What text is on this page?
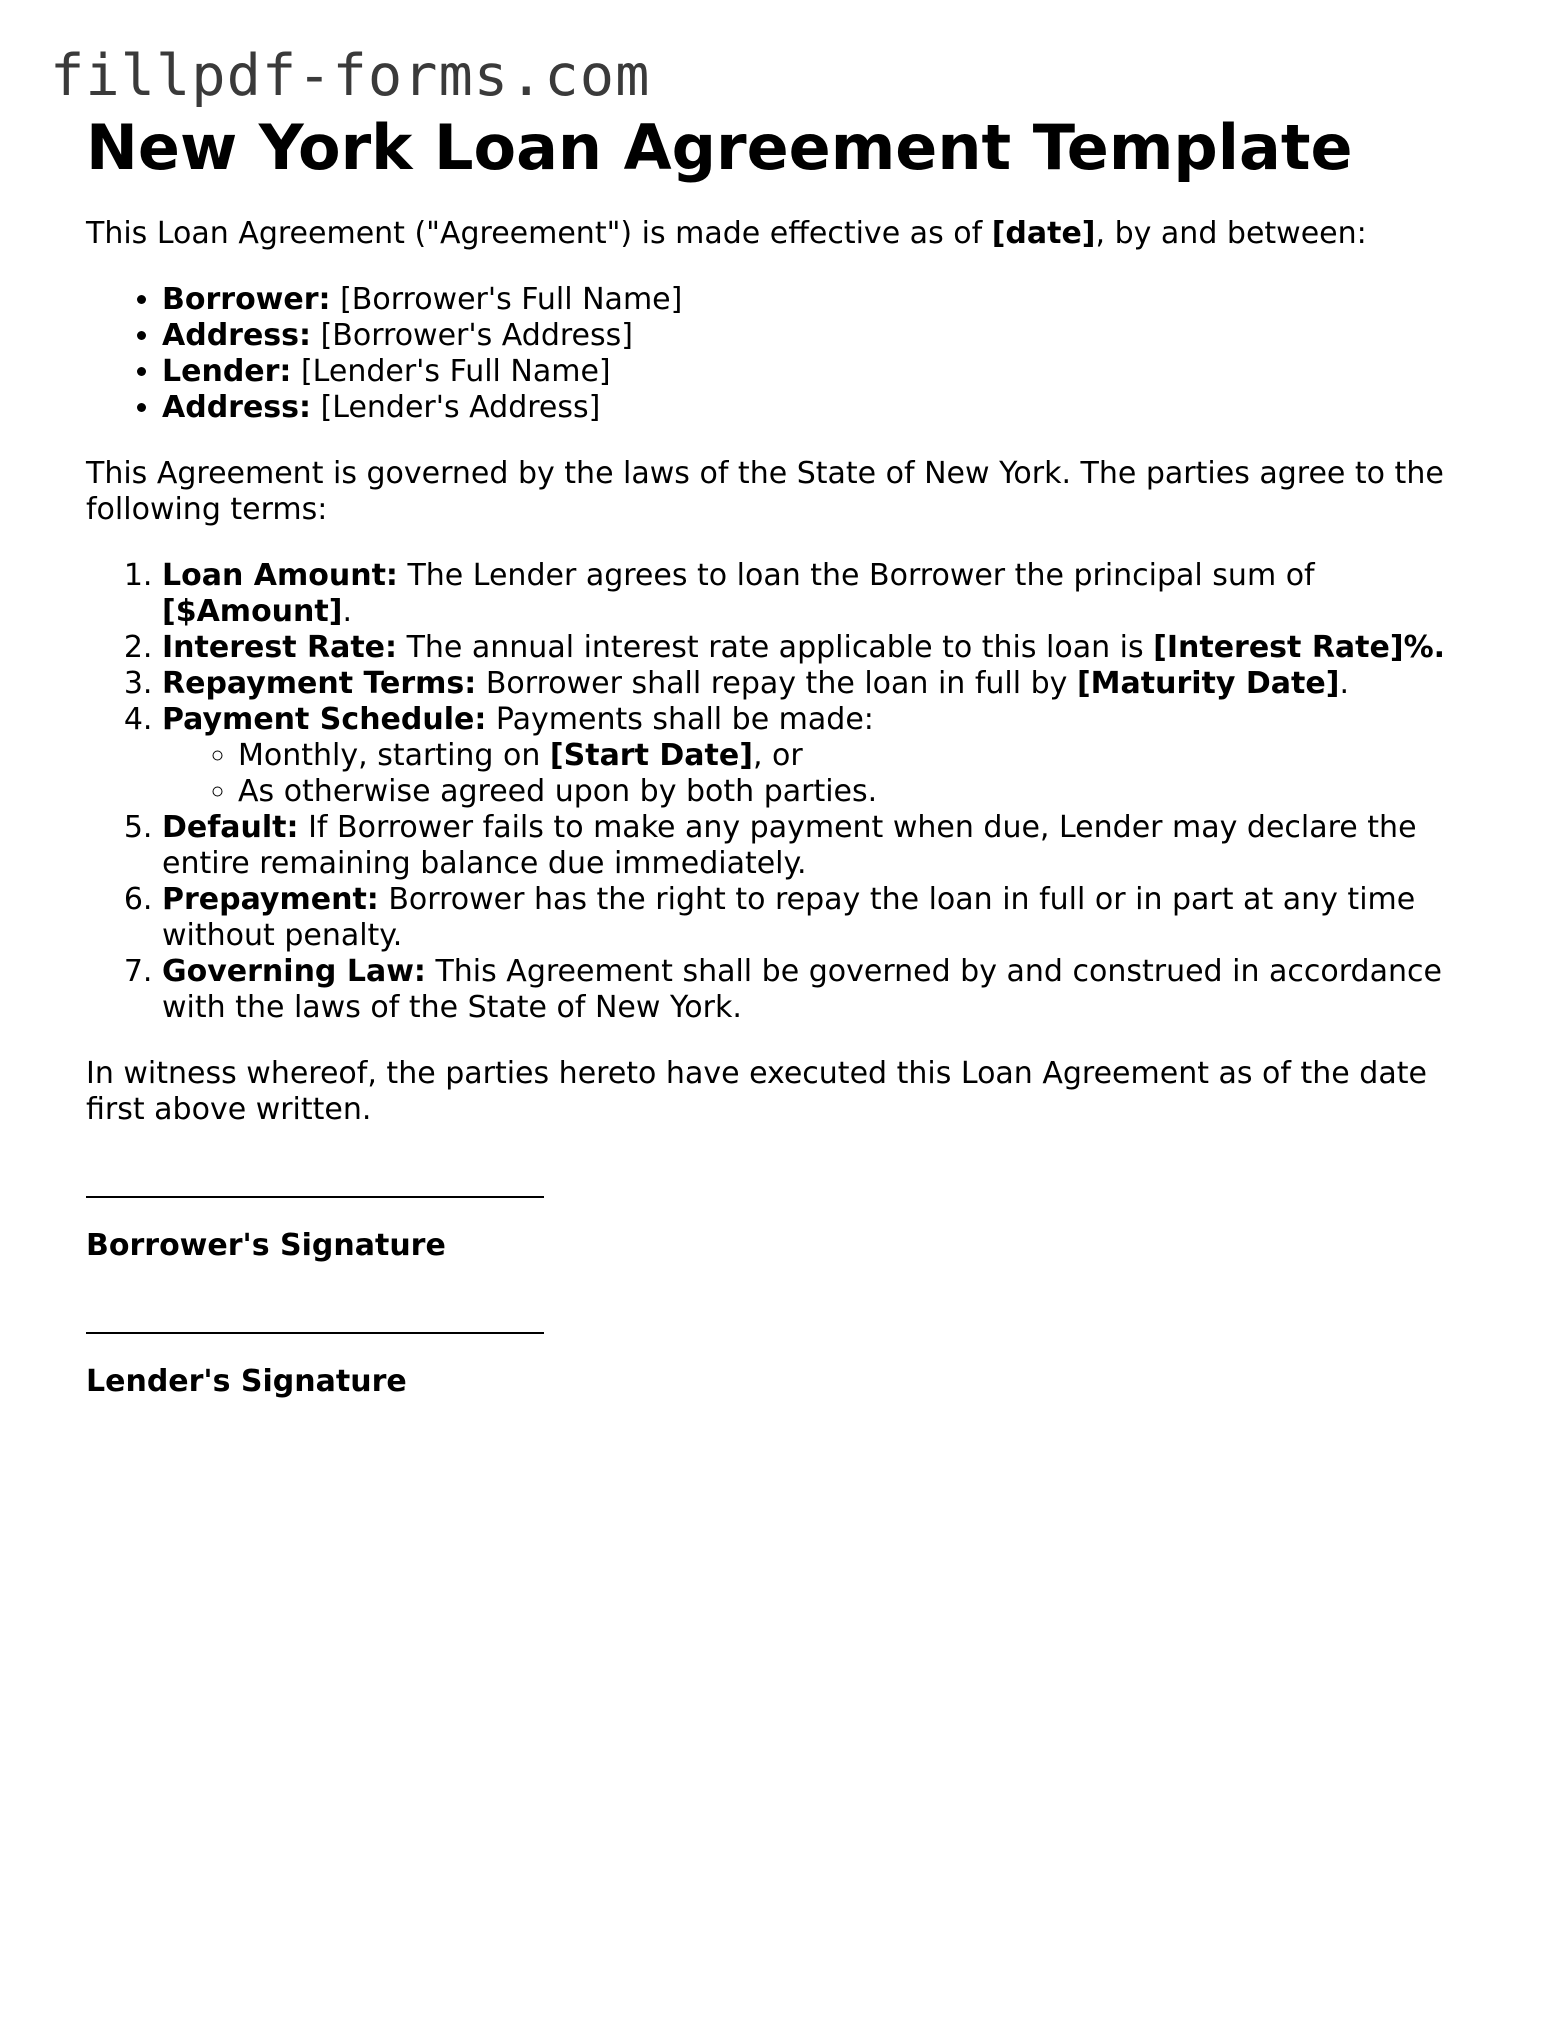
fillpdf-forms.com
New York Loan Agreement Template

This Loan Agreement ("Agreement") is made effective as of [date], by and between:

• Borrower: [Borrower's Full Name]
• Address: [Borrower's Address]
• Lender: [Lender's Full Name]
• Address: [Lender's Address]

This Agreement is governed by the laws of the State of New York. The parties agree to the following terms:

1. Loan Amount: The Lender agrees to loan the Borrower the principal sum of [$Amount].
2. Interest Rate: The annual interest rate applicable to this loan is [Interest Rate]%.
3. Repayment Terms: Borrower shall repay the loan in full by [Maturity Date].
4. Payment Schedule: Payments shall be made:
◦ Monthly, starting on [Start Date], or
◦ As otherwise agreed upon by both parties.
5. Default: If Borrower fails to make any payment when due, Lender may declare the entire remaining balance due immediately.
6. Prepayment: Borrower has the right to repay the loan in full or in part at any time without penalty.
7. Governing Law: This Agreement shall be governed by and construed in accordance with the laws of the State of New York.

In witness whereof, the parties hereto have executed this Loan Agreement as of the date first above written.

Borrower's Signature
Lender's Signature
